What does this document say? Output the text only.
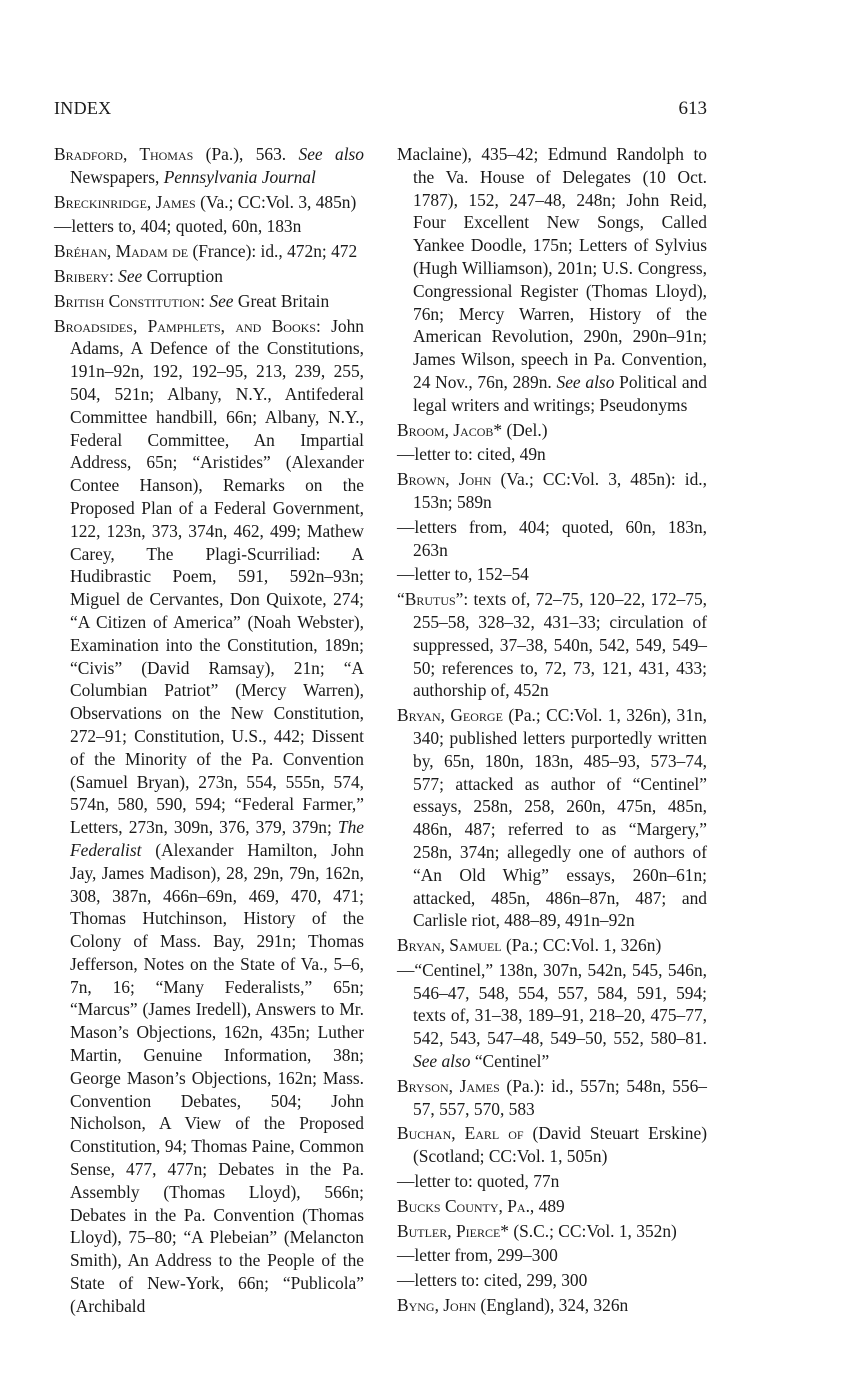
INDEX	613

Bradford, Thomas (Pa.), 563. See also Newspapers, Pennsylvania Journal

Breckinridge, James (Va.; CC:Vol. 3, 485n)

—letters to, 404; quoted, 60n, 183n

Bréhan, Madam de (France): id., 472n; 472

Bribery: See Corruption

British Constitution: See Great Britain

Broadsides, Pamphlets, and Books: John Adams, A Defence of the Constitutions, 191n–92n, 192, 192–95, 213, 239, 255, 504, 521n; Albany, N.Y., Antifederal Committee handbill, 66n; Albany, N.Y., Federal Committee, An Impartial Address, 65n; “Aristides” (Alexander Contee Hanson), Remarks on the Proposed Plan of a Federal Government, 122, 123n, 373, 374n, 462, 499; Mathew Carey, The Plagi-Scurriliad: A Hudibrastic Poem, 591, 592n–93n; Miguel de Cervantes, Don Quixote, 274; “A Citizen of America” (Noah Webster), Examination into the Constitution, 189n; “Civis” (David Ramsay), 21n; “A Columbian Patriot” (Mercy Warren), Observations on the New Constitution, 272–91; Constitution, U.S., 442; Dissent of the Minority of the Pa. Convention (Samuel Bryan), 273n, 554, 555n, 574, 574n, 580, 590, 594; “Federal Farmer,” Letters, 273n, 309n, 376, 379, 379n; The Federalist (Alexander Hamilton, John Jay, James Madison), 28, 29n, 79n, 162n, 308, 387n, 466n–69n, 469, 470, 471; Thomas Hutchinson, History of the Colony of Mass. Bay, 291n; Thomas Jefferson, Notes on the State of Va., 5–6, 7n, 16; “Many Federalists,” 65n; “Marcus” (James Iredell), Answers to Mr. Mason’s Objections, 162n, 435n; Luther Martin, Genuine Information, 38n; George Mason’s Objections, 162n; Mass. Convention Debates, 504; John Nicholson, A View of the Proposed Constitution, 94; Thomas Paine, Common Sense, 477, 477n; Debates in the Pa. Assembly (Thomas Lloyd), 566n; Debates in the Pa. Convention (Thomas Lloyd), 75–80; “A Plebeian” (Melancton Smith), An Address to the People of the State of New-York, 66n; “Publicola” (Archibald

Maclaine), 435–42; Edmund Randolph to the Va. House of Delegates (10 Oct. 1787), 152, 247–48, 248n; John Reid, Four Excellent New Songs, Called Yankee Doodle, 175n; Letters of Sylvius (Hugh Williamson), 201n; U.S. Congress, Congressional Register (Thomas Lloyd), 76n; Mercy Warren, History of the American Revolution, 290n, 290n–91n; James Wilson, speech in Pa. Convention, 24 Nov., 76n, 289n. See also Political and legal writers and writings; Pseudonyms

Broom, Jacob* (Del.)

—letter to: cited, 49n

Brown, John (Va.; CC:Vol. 3, 485n): id., 153n; 589n

—letters from, 404; quoted, 60n, 183n, 263n

—letter to, 152–54

“Brutus”: texts of, 72–75, 120–22, 172–75, 255–58, 328–32, 431–33; circulation of suppressed, 37–38, 540n, 542, 549, 549–50; references to, 72, 73, 121, 431, 433; authorship of, 452n

Bryan, George (Pa.; CC:Vol. 1, 326n), 31n, 340; published letters purportedly written by, 65n, 180n, 183n, 485–93, 573–74, 577; attacked as author of “Centinel” essays, 258n, 258, 260n, 475n, 485n, 486n, 487; referred to as “Margery,” 258n, 374n; allegedly one of authors of “An Old Whig” essays, 260n–61n; attacked, 485n, 486n–87n, 487; and Carlisle riot, 488–89, 491n–92n

Bryan, Samuel (Pa.; CC:Vol. 1, 326n)

—“Centinel,” 138n, 307n, 542n, 545, 546n, 546–47, 548, 554, 557, 584, 591, 594; texts of, 31–38, 189–91, 218–20, 475–77, 542, 543, 547–48, 549–50, 552, 580–81. See also “Centinel”

Bryson, James (Pa.): id., 557n; 548n, 556–57, 557, 570, 583

Buchan, Earl of (David Steuart Erskine) (Scotland; CC:Vol. 1, 505n)

—letter to: quoted, 77n

Bucks County, Pa., 489

Butler, Pierce* (S.C.; CC:Vol. 1, 352n)

—letter from, 299–300

—letters to: cited, 299, 300

Byng, John (England), 324, 326n
